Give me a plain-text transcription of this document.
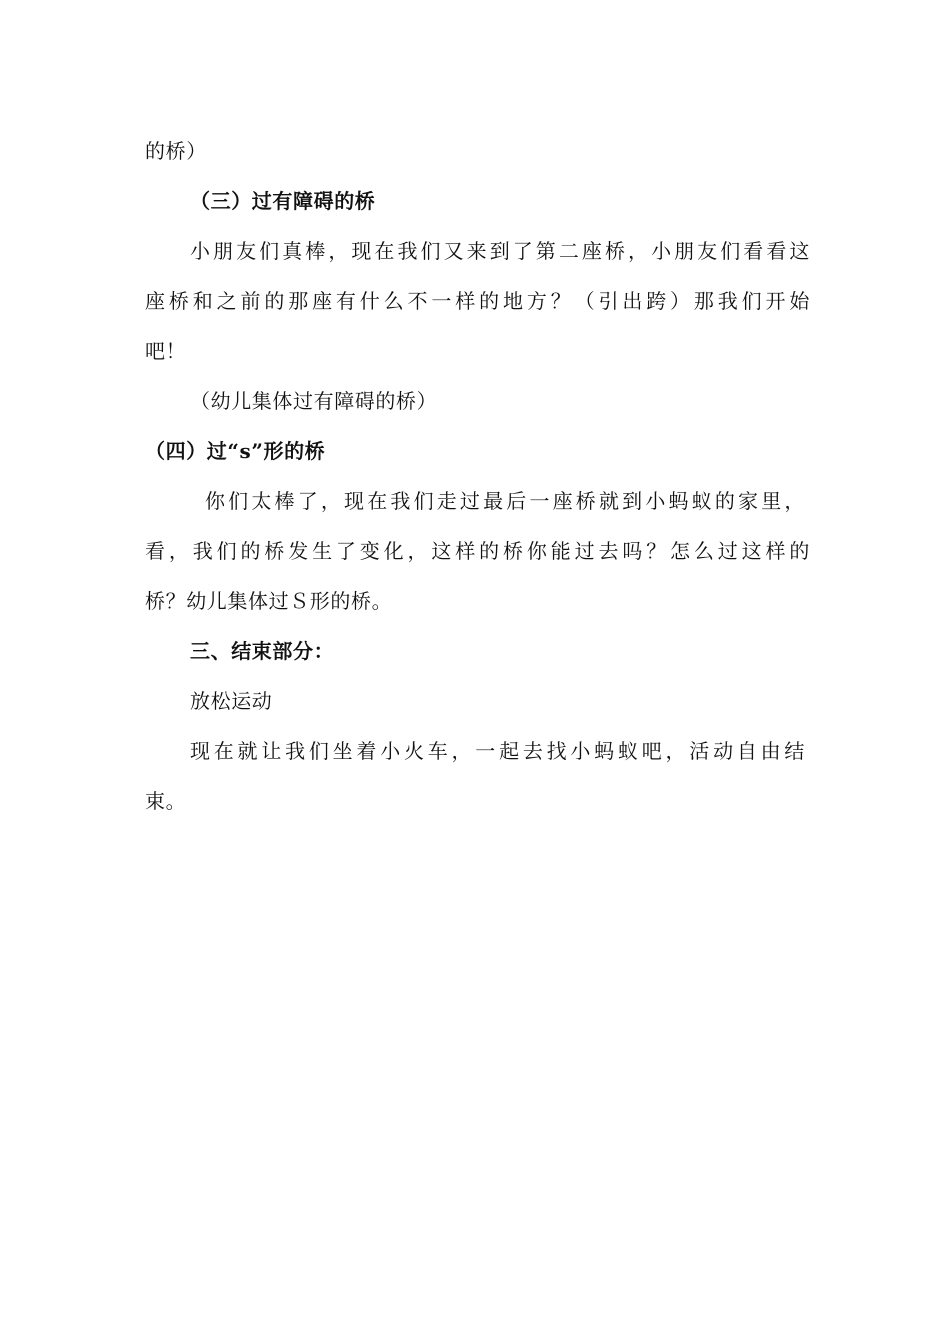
的桥）
（三）过有障碍的桥
小朋友们真棒，现在我们又来到了第二座桥，小朋友们看看这
座桥和之前的那座有什么不一样的地方？（引出跨）那我们开始
吧！
（幼儿集体过有障碍的桥）
（四）过“s”形的桥
你们太棒了，现在我们走过最后一座桥就到小蚂蚁的家里，
看，我们的桥发生了变化，这样的桥你能过去吗？怎么过这样的
桥？幼儿集体过Ｓ形的桥。
三、结束部分：
放松运动
现在就让我们坐着小火车，一起去找小蚂蚁吧，活动自由结
束。
